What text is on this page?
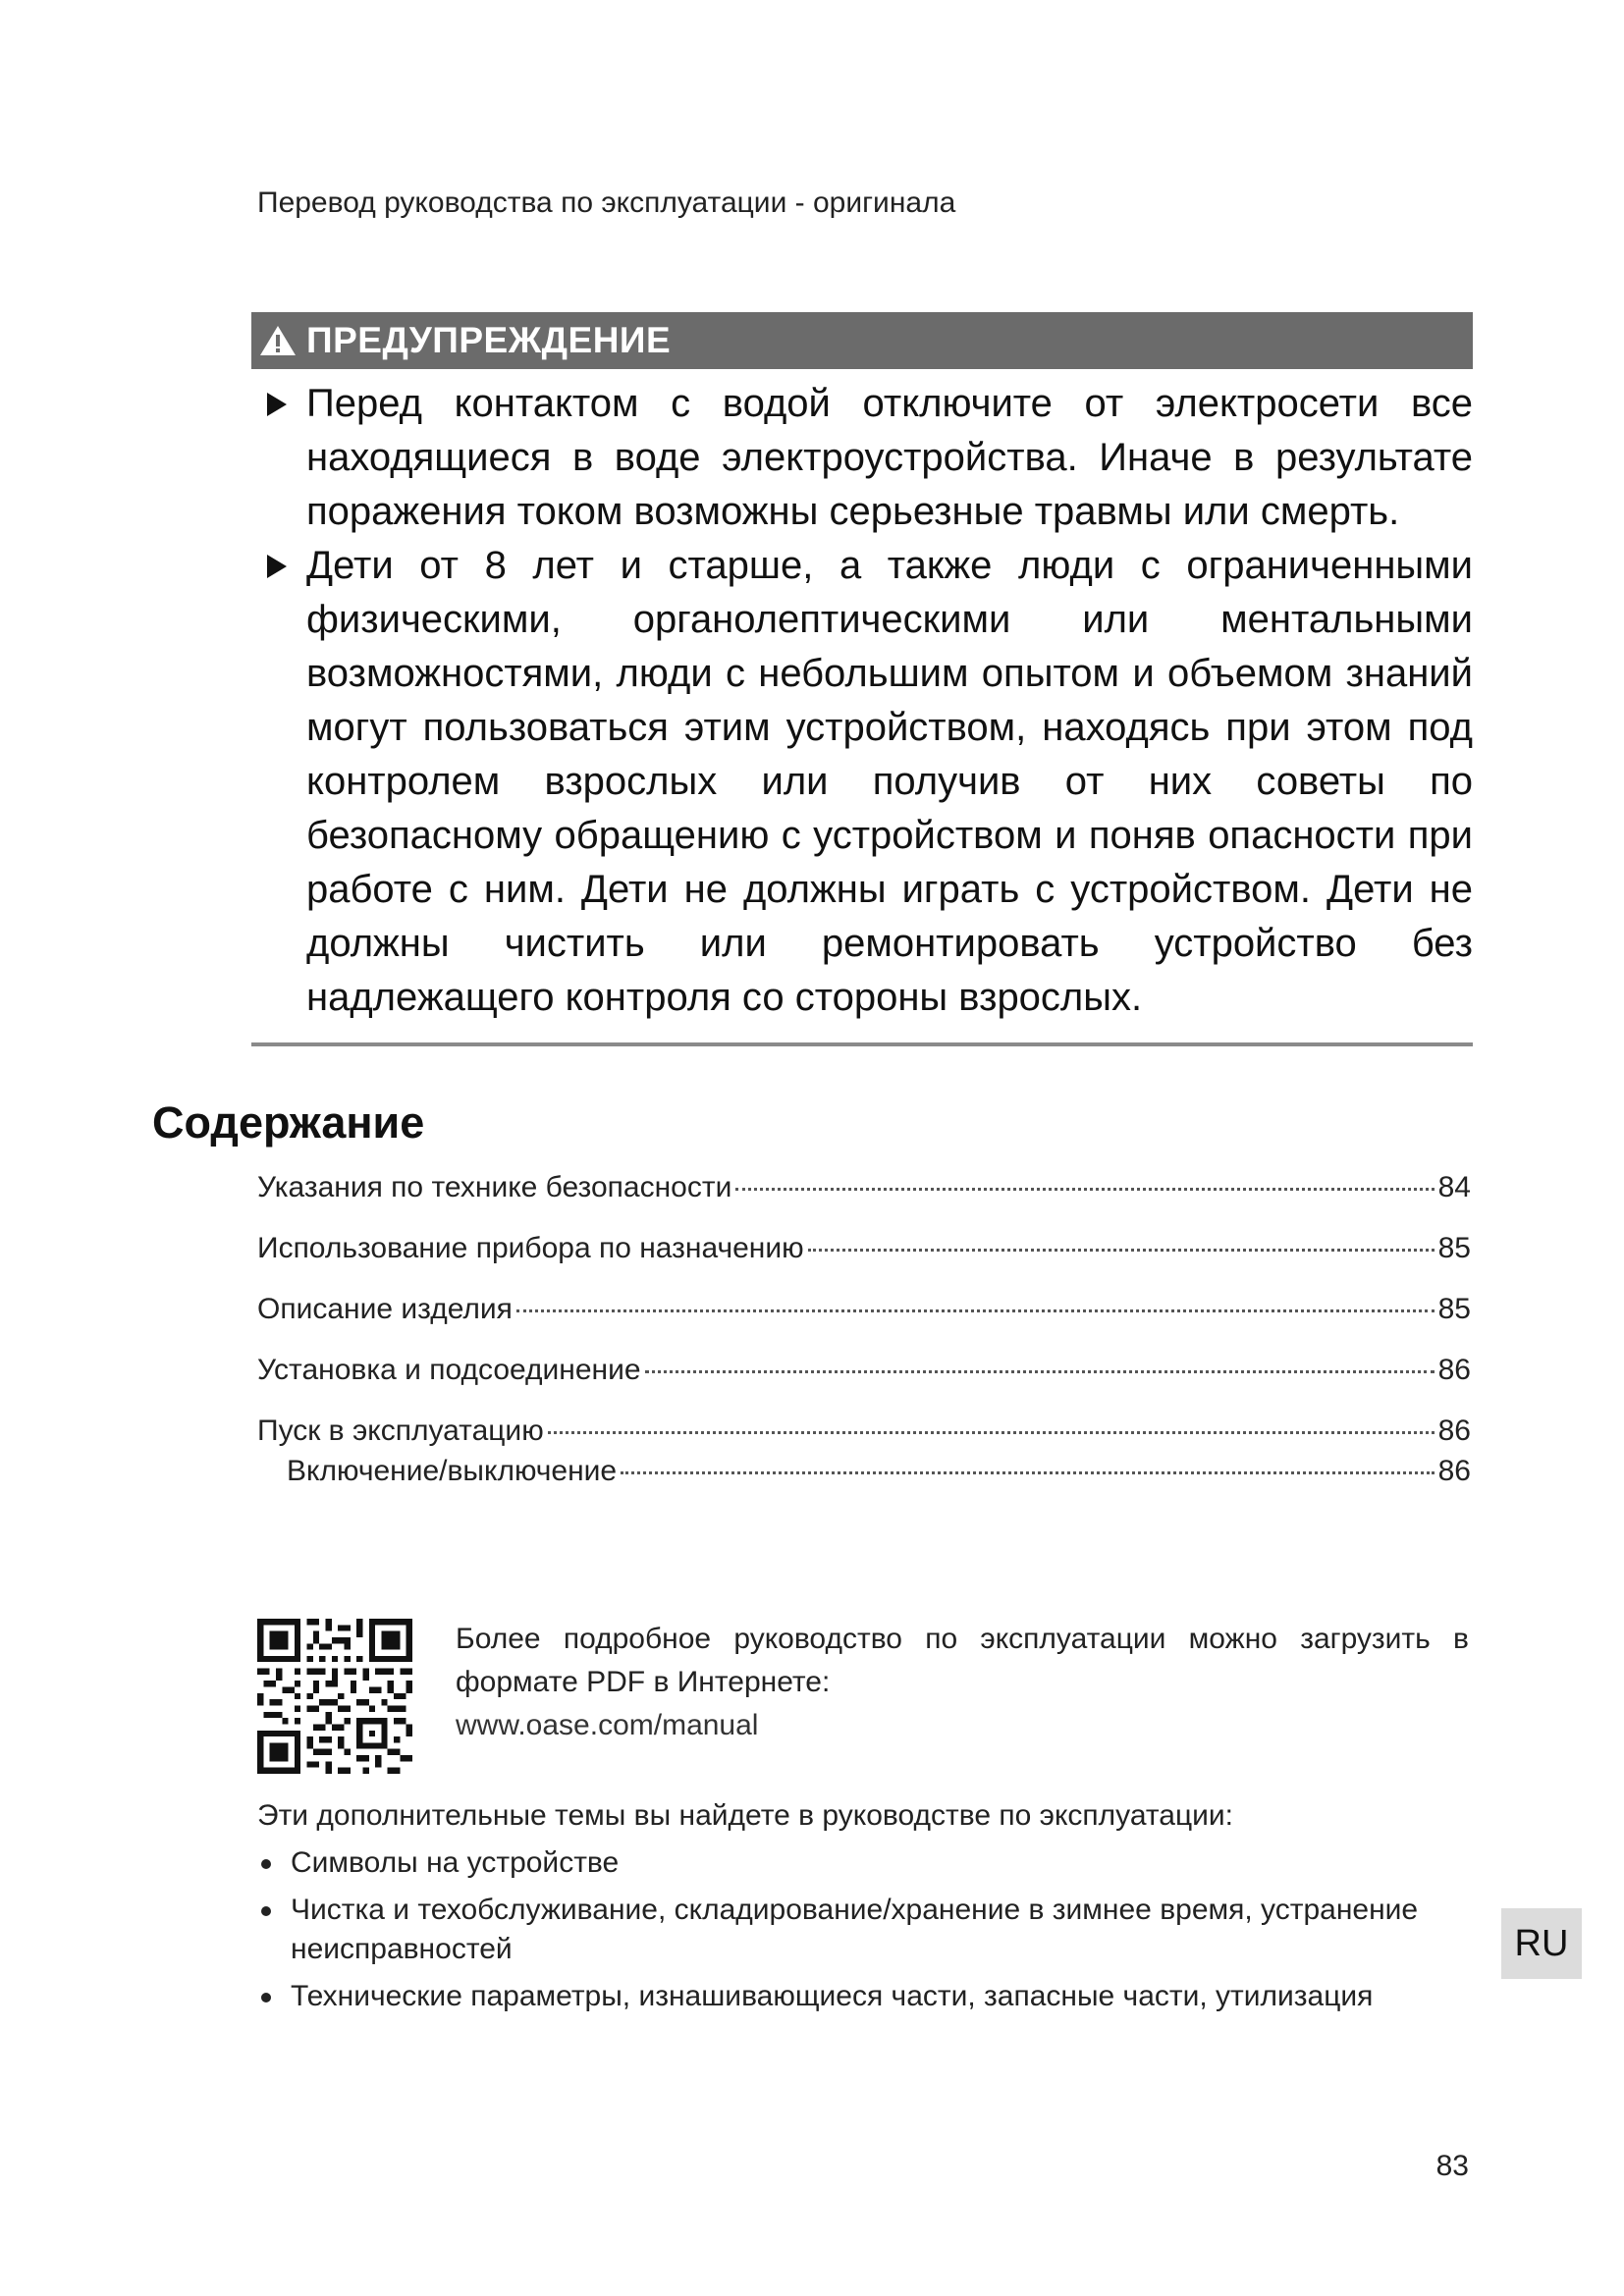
Перевод руководства по эксплуатации - оригинала
ПРЕДУПРЕЖДЕНИЕ
Перед контактом с водой отключите от электросети все находящиеся в воде электроустройства. Иначе в результате поражения током возможны серьезные травмы или смерть.
Дети от 8 лет и старше, а также люди с ограниченными физическими, органолептическими или ментальными возможностями, люди с небольшим опытом и объемом знаний могут пользоваться этим устройством, находясь при этом под контролем взрослых или получив от них советы по безопасному обращению с устройством и поняв опасности при работе с ним. Дети не должны играть с устройством. Дети не должны чистить или ремонтировать устройство без надлежащего контроля со стороны взрослых.
Содержание
Указания по технике безопасности	84
Использование прибора по назначению	85
Описание изделия	85
Установка и подсоединение	86
Пуск в эксплуатацию	86
Включение/выключение	86
Более подробное руководство по эксплуатации можно загрузить в формате PDF в Интернете:
www.oase.com/manual
Эти дополнительные темы вы найдете в руководстве по эксплуатации:
Символы на устройстве
Чистка и техобслуживание, складирование/хранение в зимнее время, устранение неисправностей
Технические параметры, изнашивающиеся части, запасные части, утилизация
RU
83
